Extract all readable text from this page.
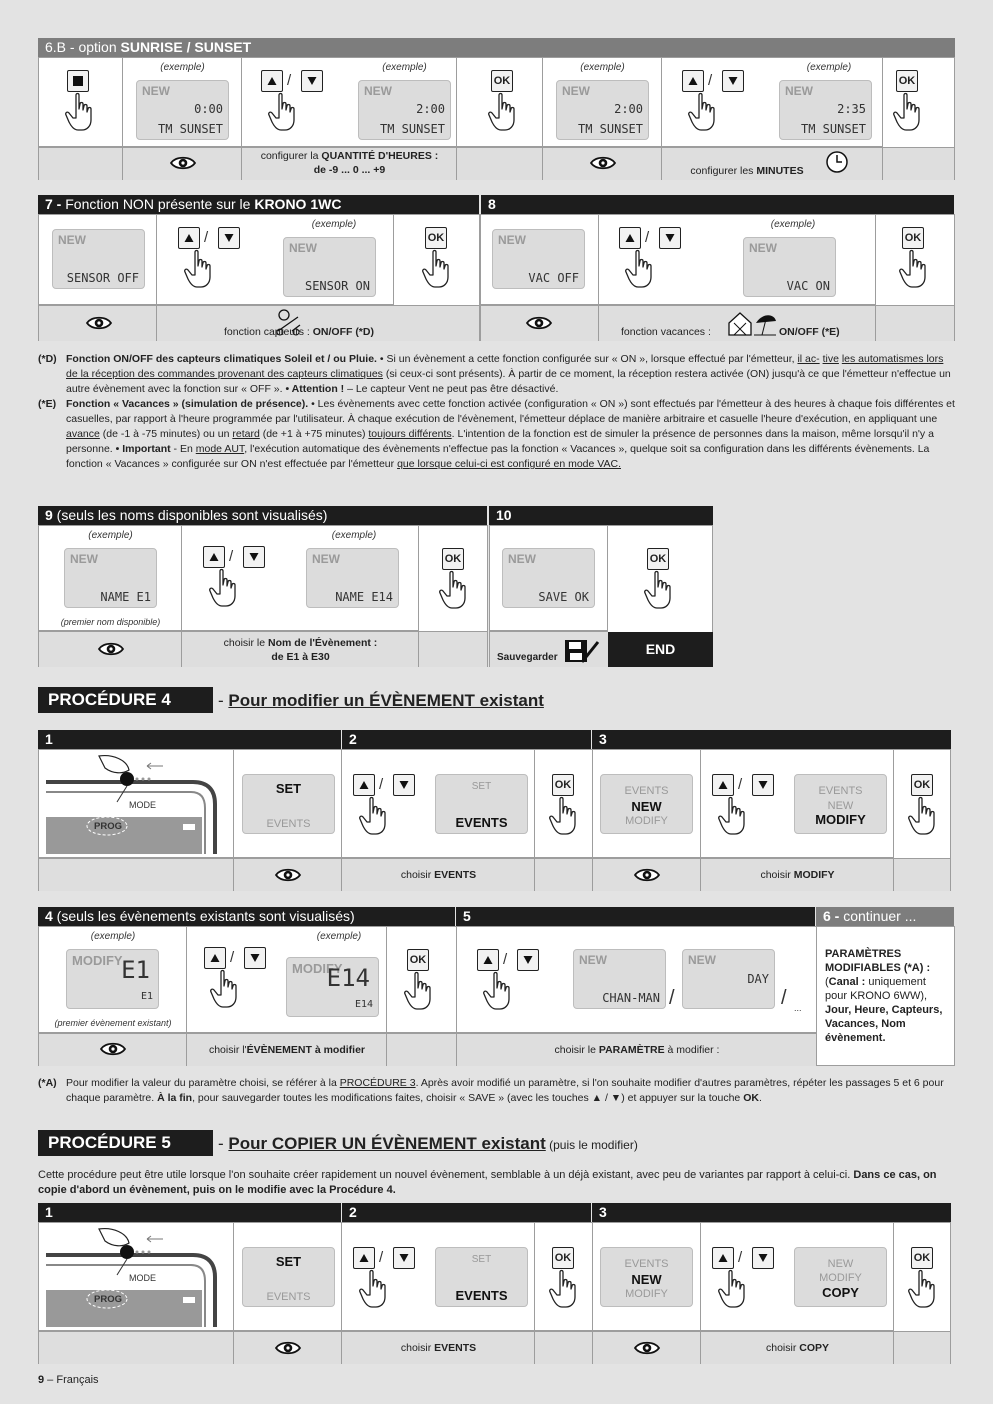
6.B - option SUNRISE / SUNSET
(exemple)
NEW
0:00
TM SUNSET
/
(exemple)
NEW
2:00
TM SUNSET
OK
(exemple)
NEW
2:00
TM SUNSET
/
(exemple)
NEW
2:35
TM SUNSET
OK
configurer la QUANTITÉ D'HEURES :
de -9 ... 0 ... +9	configurer les MINUTES
7 - Fonction NON présente sur le KRONO 1WC
NEW
SENSOR OFF
/
(exemple)
NEW
SENSOR ON
OK
fonction capteurs : ON/OFF (*D)
8
NEW
VAC OFF
/
(exemple)
NEW
VAC ON
OK
fonction vacances :	ON/OFF (*E)
(*D) Fonction ON/OFF des capteurs climatiques Soleil et / ou Pluie. • Si un évènement a cette fonction configurée sur « ON », lorsque effectué par l'émetteur, il ac- tive les automatismes lors de la réception des commandes provenant des capteurs climatiques (si ceux-ci sont présents). À partir de ce moment, la réception restera activée (ON) jusqu'à ce que l'émetteur n'effectue un autre évènement avec la fonction sur « OFF ». • Attention ! – Le capteur Vent ne peut pas être désactivé.
(*E) Fonction « Vacances » (simulation de présence). • Les évènements avec cette fonction activée (configuration « ON ») sont effectués par l'émetteur à des heures à chaque fois différentes et casuelles, par rapport à l'heure programmée par l'utilisateur. À chaque exécution de l'évènement, l'émetteur déplace de manière arbitraire et casuelle l'heure d'exécution, en appliquant une avance (de -1 à -75 minutes) ou un retard (de +1 à +75 minutes) toujours différents. L'intention de la fonction est de simuler la présence de personnes dans la maison, même lorsqu'il n'y a personne. • Important - En mode AUT, l'exécution automatique des évènements n'effectue pas la fonction « Vacances », quelque soit sa configuration dans les différents évènements. La fonction « Vacances » configurée sur ON n'est effectuée par l'émetteur que lorsque celui-ci est configuré en mode VAC.
9 (seuls les noms disponibles sont visualisés)
(exemple)
NEW
NAME E1
(premier nom disponible)
/
(exemple)
NEW
NAME E14
OK
choisir le Nom de l'Évènement :
de E1 à E30
10
NEW
SAVE OK
OK
Sauvegarder
END
PROCÉDURE 4	- Pour modifier un ÉVÈNEMENT existant
1	2	3
MODE
PROG
SET
EVENTS
/	SET
EVENTS
OK	EVENTS
NEW
MODIFY
/	EVENTS
NEW
MODIFY
OK
choisir EVENTS	choisir MODIFY
4 (seuls les évènements existants sont visualisés)	5	6 - continuer ...
(exemple)
MODIFY
E1
E1
(premier évènement existant)
/
(exemple)
MODIFY
E14
E14
OK	/	NEW
CHAN-MAN /
NEW
DAY
/ ...
choisir l'ÉVÈNEMENT à modifier	choisir le PARAMÈTRE à modifier :
PARAMÈTRES MODIFIABLES (*A) :
(Canal : uniquement pour KRONO 6WW),
Jour, Heure, Capteurs, Vacances, Nom évènement.
(*A) Pour modifier la valeur du paramètre choisi, se référer à la PROCÉDURE 3. Après avoir modifié un paramètre, si l'on souhaite modifier d'autres paramètres, répéter les passages 5 et 6 pour chaque paramètre. À la fin, pour sauvegarder toutes les modifications faites, choisir « SAVE » (avec les touches ▲ / ▼) et appuyer sur la touche OK.
PROCÉDURE 5	- Pour COPIER UN ÉVÈNEMENT existant (puis le modifier)
Cette procédure peut être utile lorsque l'on souhaite créer rapidement un nouvel évènement, semblable à un déjà existant, avec peu de variantes par rapport à celui-ci. Dans ce cas, on copie d'abord un évènement, puis on le modifie avec la Procédure 4.
1	2	3
MODE
PROG
SET
EVENTS
/	SET
EVENTS
OK	EVENTS
NEW
MODIFY
/	NEW
MODIFY
COPY
OK
choisir EVENTS	choisir COPY
9 – Français
